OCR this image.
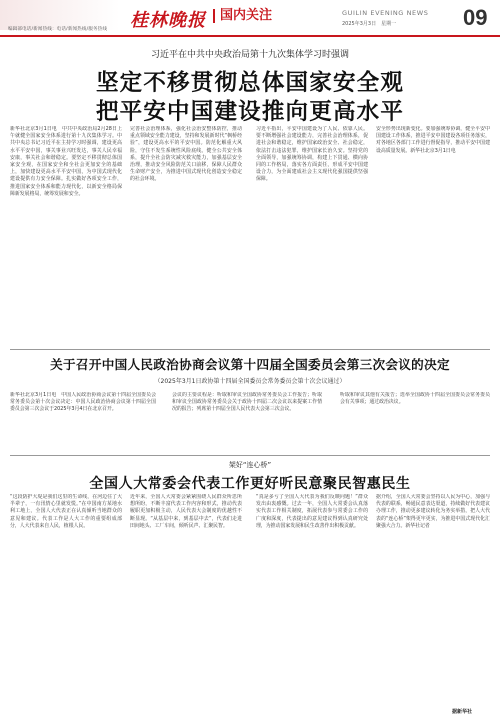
编辑部电话/新闻热线：电话/新闻热线/服务热线 桂林晚报	国内关注	GUILIN EVENING NEWS
2025年3月3日　星期一	09
习近平在中共中央政治局第十九次集体学习时强调
坚定不移贯彻总体国家安全观
把平安中国建设推向更高水平
新华社北京3月1日电　中共中央政治局2月28日上午就健全国家安全体系进行第十九次集体学习。中共中央总书记习近平在主持学习时强调，建设更高水平平安中国，事关事业兴旺发达，事关人民幸福安康，事关社会和谐稳定。要坚定不移贯彻总体国家安全观，在国家安全和全社会更加安全的基础上，加快建设更高水平平安中国，为中国式现代化建设提供有力安全保障。扎实做好各项安全工作，推进国家安全体系和能力现代化，以新安全格局保障新发展格局，统筹发展和安全。
完善社会治理体系，强化社会治安整体防控，推动重点领域安全能力建设，坚持和发展新时代“枫桥经验”，建设更高水平的平安中国。防范化解重大风险，守住不发生系统性风险底线。健全公共安全体系，提升全社会防灾减灾救灾能力，加强基层安全治理，推动安全风险防范关口前移，保障人民群众生命财产安全，为推进中国式现代化创造安全稳定的社会环境。
习近平指出，平安中国建设为了人民、依靠人民。要不断增强社会建设能力，完善社会治理体系，促进社会和谐稳定，维护国家政治安全、社会稳定，依法打击违法犯罪，维护国家长治久安。坚持党的全面领导，加强统筹协调，构建上下贯通、横向协同的工作格局，落实各方面责任，形成平安中国建设合力，为全面建成社会主义现代化强国提供坚强保障。
安全形势出现新变化。要加强统筹协调，健全平安中国建设工作体系，推进平安中国建设各项任务落实，对各地区各部门工作进行督促指导，推动平安中国建设高质量发展。新华社北京3月1日电
关于召开中国人民政治协商会议第十四届全国委员会第三次会议的决定
（2025年3月1日政协第十四届全国委员会常务委员会第十次会议通过）
新华社北京3月1日电　中国人民政治协商会议第十四届全国委员会常务委员会第十次会议决定：中国人民政治协商会议第十四届全国委员会第三次会议于2025年3月4日在北京召开。
会议的主要议程是：听取和审议全国政协常务委员会工作报告；听取和审议全国政协常务委员会关于政协十四届二次会议以来提案工作情况的报告；列席第十四届全国人民代表大会第三次会议。
听取和审议其他有关报告；选举全国政协十四届全国委员会常务委员会有关事项；通过政治决议。
架好“连心桥”
全国人大常委会代表工作更好听民意聚民智惠民生
“这段防护大堤是我们这里的生命线，在河边住了大半辈子，一有汛情心里就发慌。”在中国南方某地水利工地上，全国人大代表正在认真倾听当地群众的意见和建议。代表工作是人大工作的重要组成部分，人大代表来自人民，植根人民。
近年来，全国人大常委会紧紧围绕人民群众所思所想所盼，不断丰富代表工作内容和形式，推动代表履职更加积极主动，人民代表大会制度的优越性不断显现。“从基层中来，到基层中去”，代表们走进田间地头、工厂车间，倾听民声、汇聚民智。
“真是多亏了全国人大代表为我们反映问题！”群众发出由衷感慨。过去一年，全国人大常委会认真落实代表工作相关制度，拓展代表参与常委会工作的广度和深度，代表提出的意见建议得到认真研究处理，为推动国家发展和民生改善作出积极贡献。
据介绍，全国人大常委会坚持以人民为中心，加强与代表的联系，畅通民意表达渠道，持续做好代表建议办理工作，推动更多建议转化为务实举措，把人大代表的“连心桥”架得更牢更实，为推进中国式现代化汇聚强大合力。新华社记者
据新华社
